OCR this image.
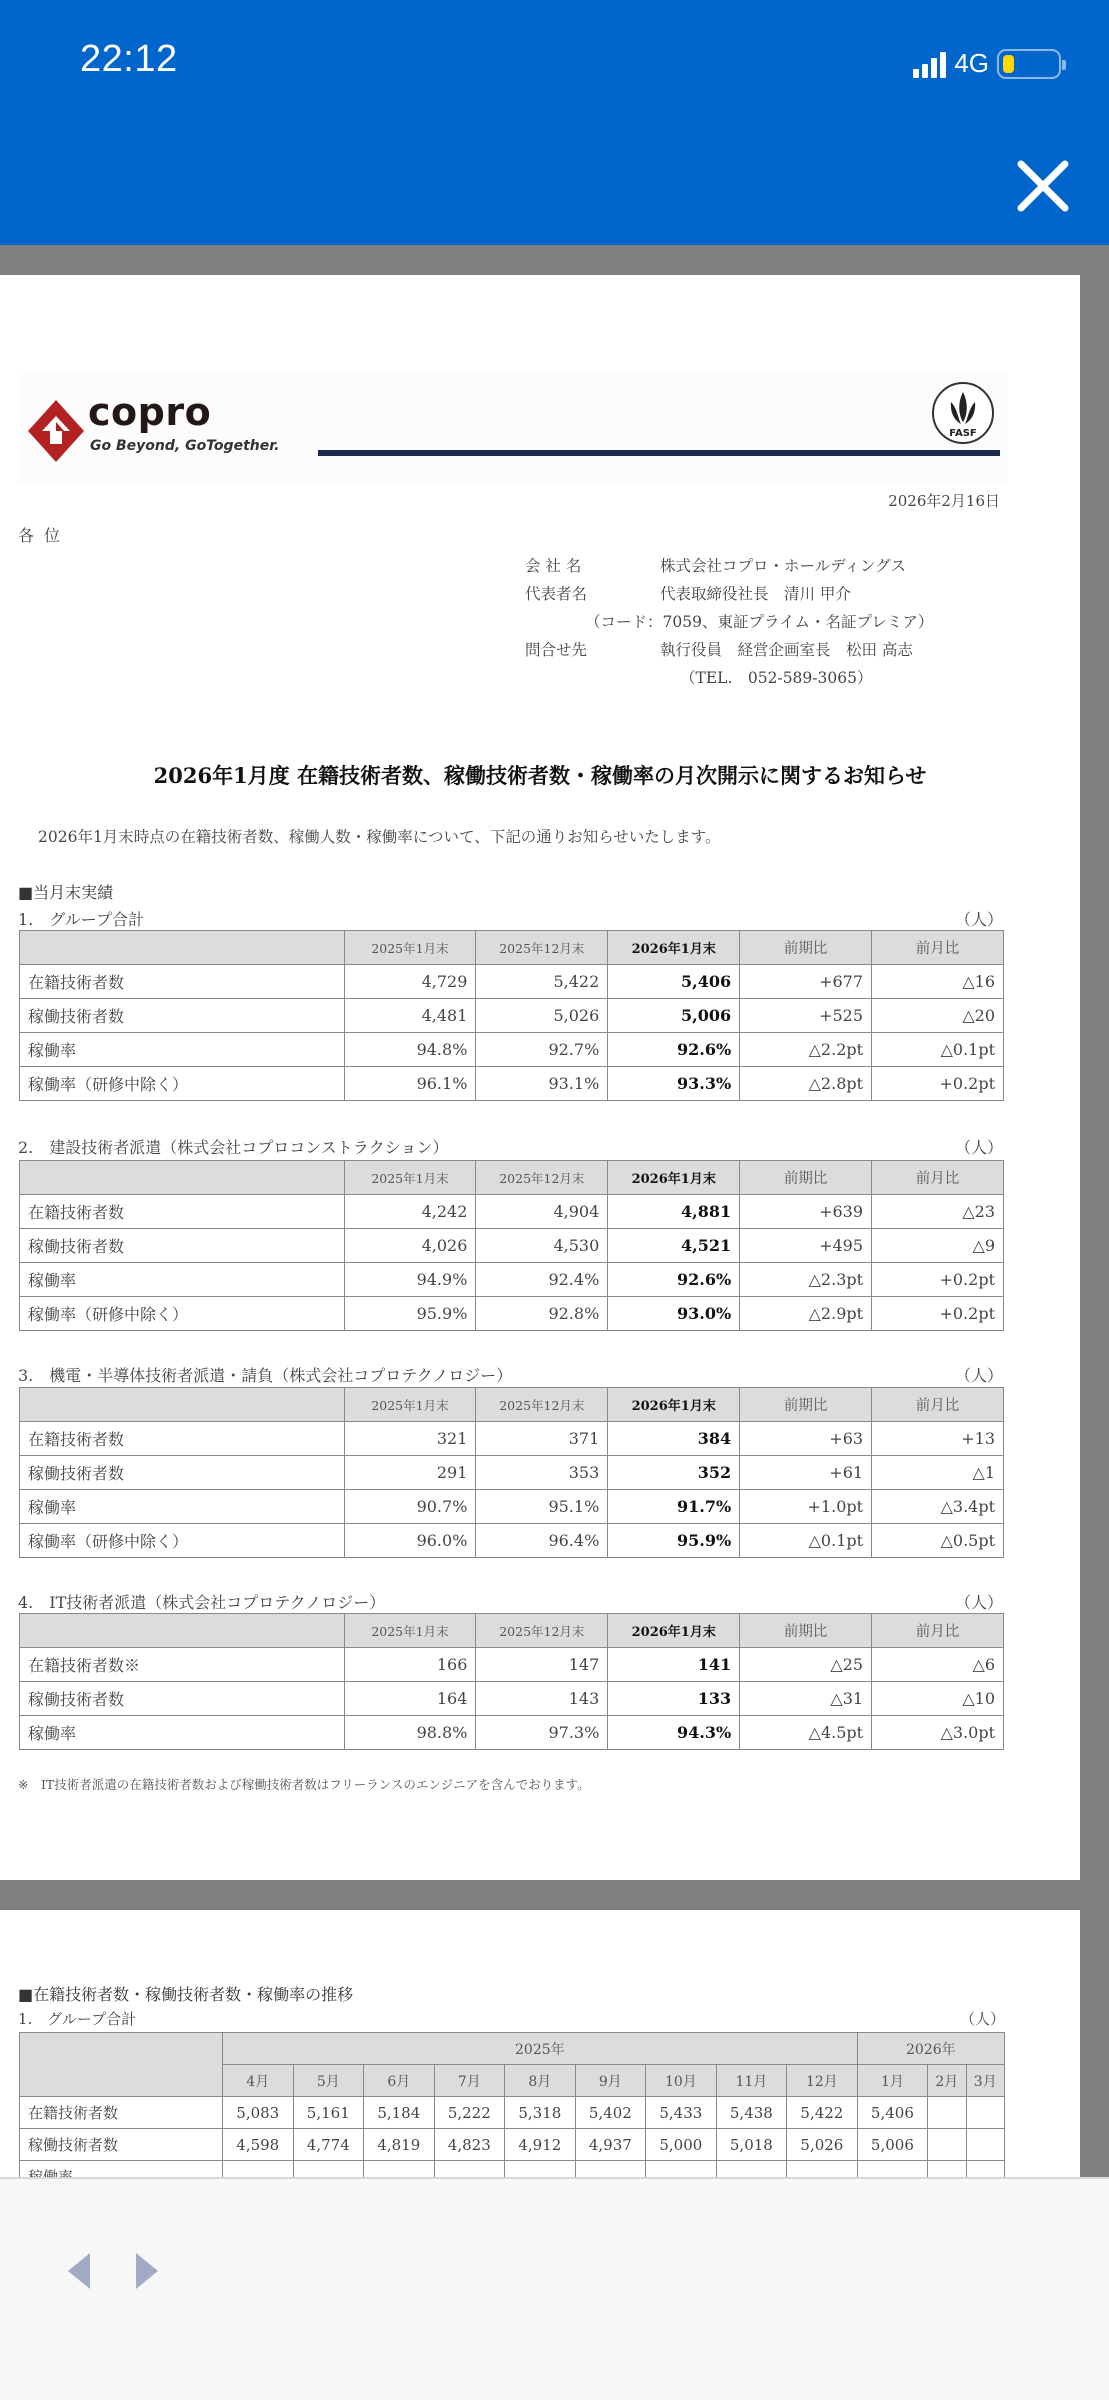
22:12	4G
copro
Go Beyond, GoTogether.
FASF
2026年2月16日
各位
会 社 名	株式会社コプロ・ホールディングス
代表者名	代表取締役社長　清川 甲介
（コード：7059、東証プライム・名証プレミア）
問合せ先	執行役員　経営企画室長　松田 高志
（TEL.　052-589-3065）
2026年1月度 在籍技術者数、稼働技術者数・稼働率の月次開示に関するお知らせ
2026年1月末時点の在籍技術者数、稼働人数・稼働率について、下記の通りお知らせいたします。
■当月末実績
1.　グループ合計	（人）
	2025年1月末	2025年12月末	2026年1月末	前期比	前月比
在籍技術者数	4,729	5,422	5,406	+677	△16
稼働技術者数	4,481	5,026	5,006	+525	△20
稼働率	94.8%	92.7%	92.6%	△2.2pt	△0.1pt
稼働率（研修中除く）	96.1%	93.1%	93.3%	△2.8pt	+0.2pt
2.　建設技術者派遣（株式会社コプロコンストラクション）	（人）
	2025年1月末	2025年12月末	2026年1月末	前期比	前月比
在籍技術者数	4,242	4,904	4,881	+639	△23
稼働技術者数	4,026	4,530	4,521	+495	△9
稼働率	94.9%	92.4%	92.6%	△2.3pt	+0.2pt
稼働率（研修中除く）	95.9%	92.8%	93.0%	△2.9pt	+0.2pt
3.　機電・半導体技術者派遣・請負（株式会社コプロテクノロジー）	（人）
	2025年1月末	2025年12月末	2026年1月末	前期比	前月比
在籍技術者数	321	371	384	+63	+13
稼働技術者数	291	353	352	+61	△1
稼働率	90.7%	95.1%	91.7%	+1.0pt	△3.4pt
稼働率（研修中除く）	96.0%	96.4%	95.9%	△0.1pt	△0.5pt
4.　IT技術者派遣（株式会社コプロテクノロジー）	（人）
	2025年1月末	2025年12月末	2026年1月末	前期比	前月比
在籍技術者数※	166	147	141	△25	△6
稼働技術者数	164	143	133	△31	△10
稼働率	98.8%	97.3%	94.3%	△4.5pt	△3.0pt
※　IT技術者派遣の在籍技術者数および稼働技術者数はフリーランスのエンジニアを含んでおります。
■在籍技術者数・稼働技術者数・稼働率の推移
1.　グループ合計	（人）
	2025年									2026年		
	4月	5月	6月	7月	8月	9月	10月	11月	12月	1月	2月	3月
在籍技術者数	5,083	5,161	5,184	5,222	5,318	5,402	5,433	5,438	5,422	5,406		
稼働技術者数	4,598	4,774	4,819	4,823	4,912	4,937	5,000	5,018	5,026	5,006		
